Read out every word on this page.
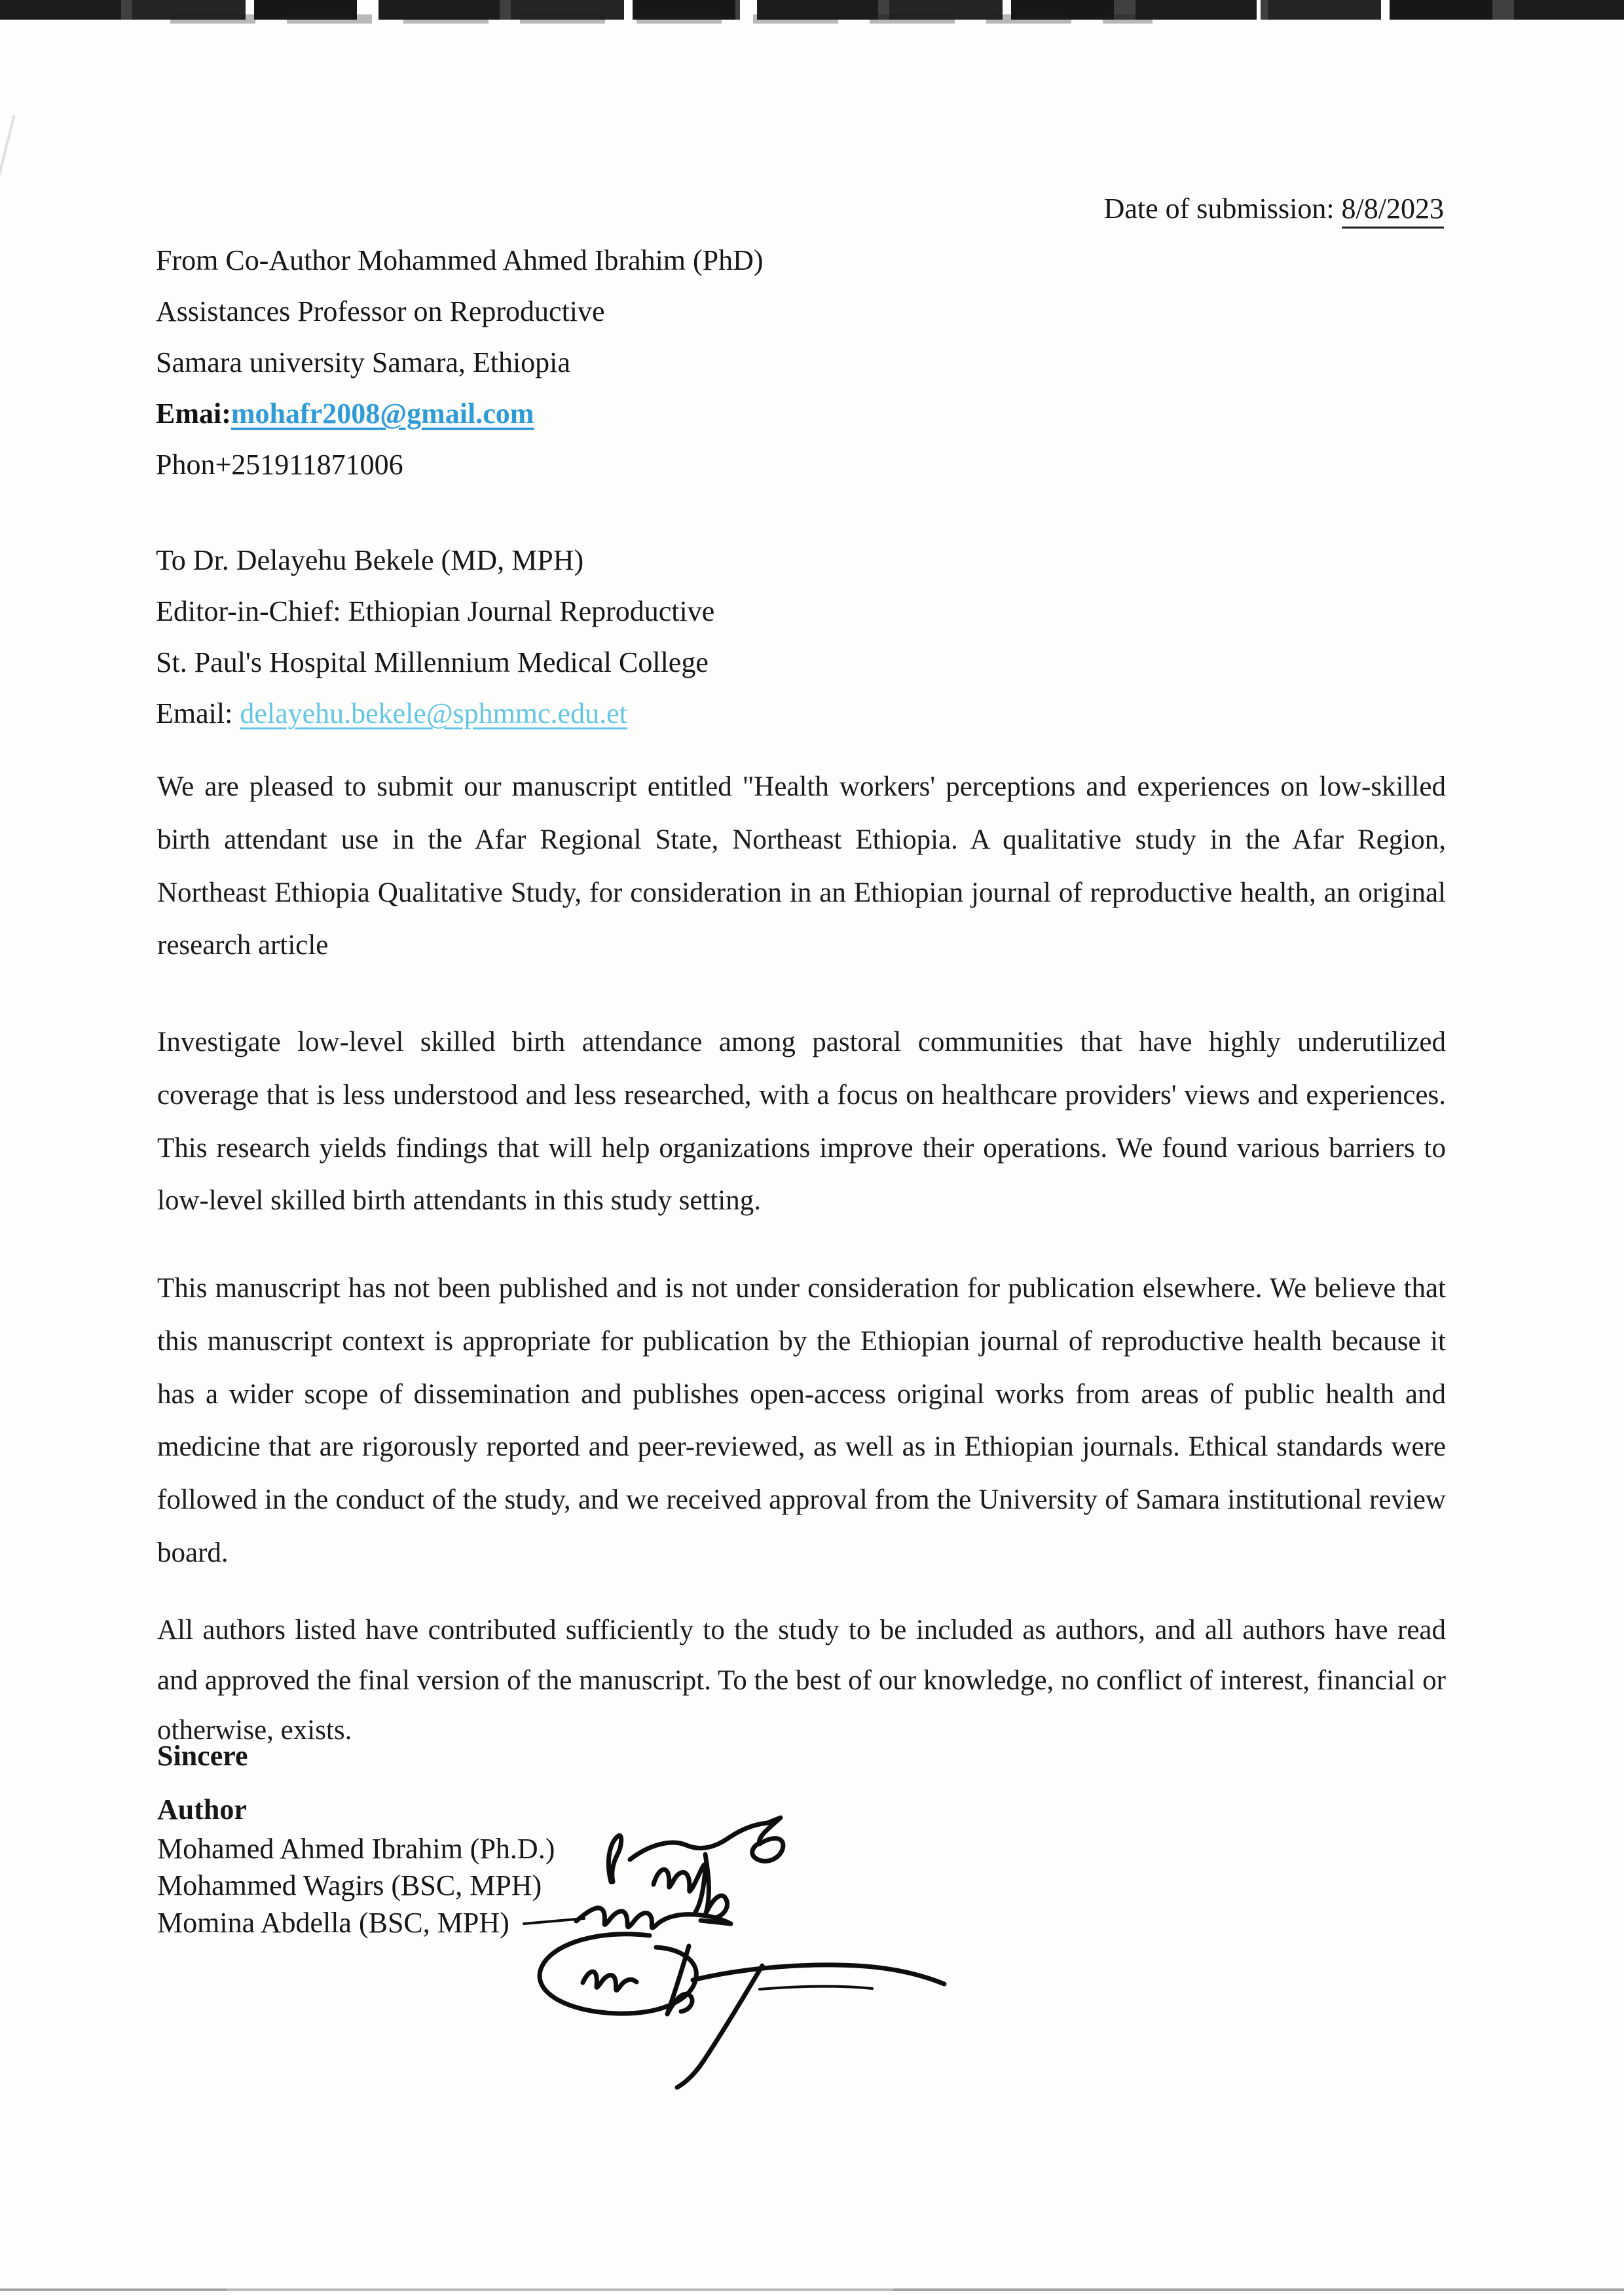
Date of submission: 8/8/2023
From Co-Author Mohammed Ahmed Ibrahim (PhD)
Assistances Professor on Reproductive
Samara university Samara, Ethiopia
Emai:mohafr2008@gmail.com
Phon+251911871006
To Dr. Delayehu Bekele (MD, MPH)
Editor-in-Chief: Ethiopian Journal Reproductive
St. Paul's Hospital Millennium Medical College
Email: delayehu.bekele@sphmmc.edu.et
We are pleased to submit our manuscript entitled "Health workers' perceptions and experiences on low-skilled birth attendant use in the Afar Regional State, Northeast Ethiopia. A qualitative study in the Afar Region, Northeast Ethiopia Qualitative Study, for consideration in an Ethiopian journal of reproductive health, an original research article
Investigate low-level skilled birth attendance among pastoral communities that have highly underutilized coverage that is less understood and less researched, with a focus on healthcare providers' views and experiences. This research yields findings that will help organizations improve their operations. We found various barriers to low-level skilled birth attendants in this study setting.
This manuscript has not been published and is not under consideration for publication elsewhere. We believe that this manuscript context is appropriate for publication by the Ethiopian journal of reproductive health because it has a wider scope of dissemination and publishes open-access original works from areas of public health and medicine that are rigorously reported and peer-reviewed, as well as in Ethiopian journals. Ethical standards were followed in the conduct of the study, and we received approval from the University of Samara institutional review board.
All authors listed have contributed sufficiently to the study to be included as authors, and all authors have read and approved the final version of the manuscript. To the best of our knowledge, no conflict of interest, financial or otherwise, exists.
Sincere
Author
Mohamed Ahmed Ibrahim (Ph.D.)
Mohammed Wagirs (BSC, MPH)
Momina Abdella (BSC, MPH)
